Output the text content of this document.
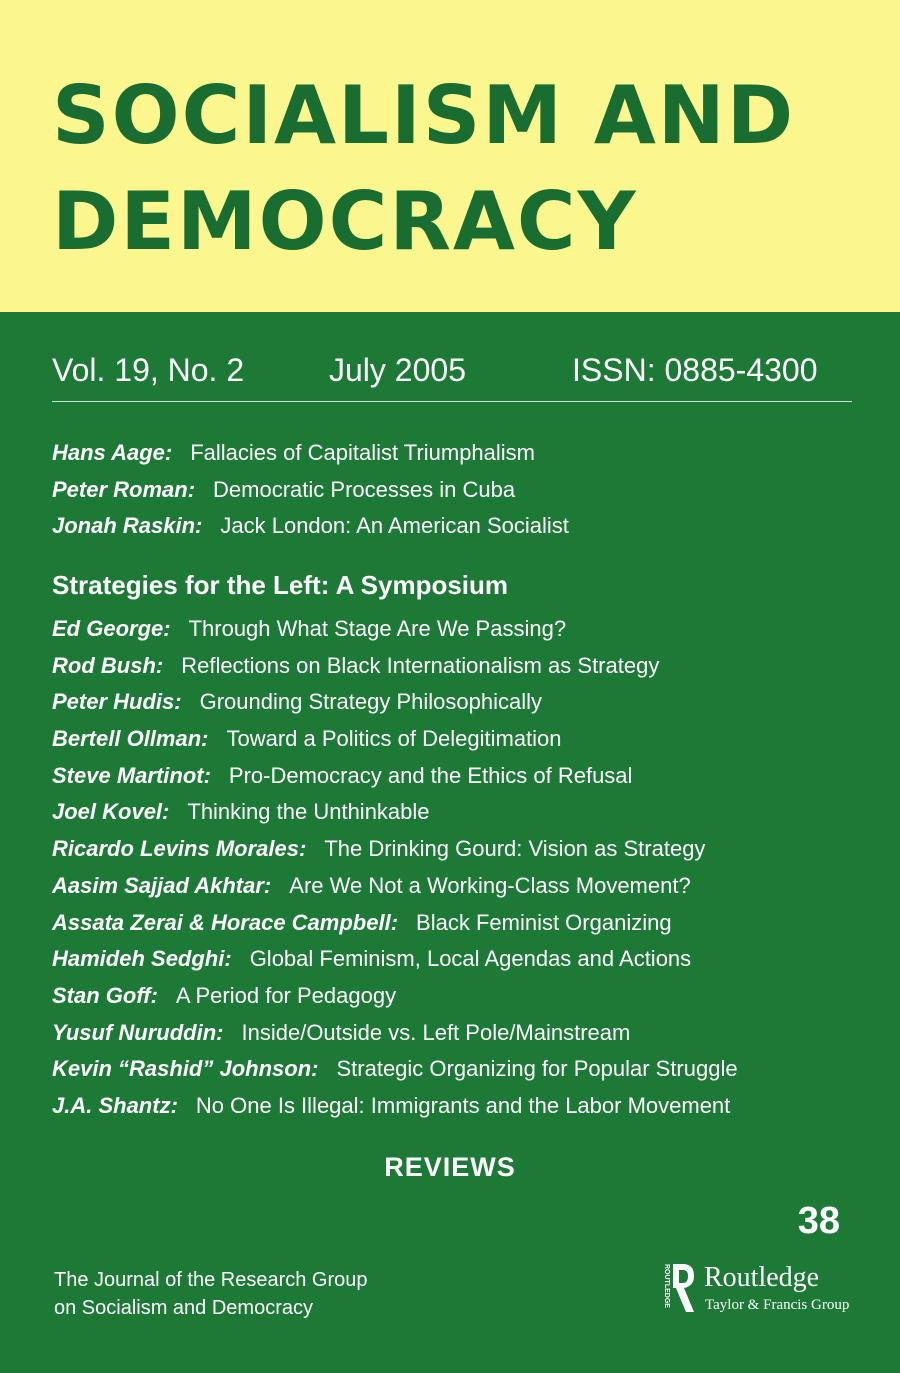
SOCIALISM AND
DEMOCRACY
Vol. 19, No. 2	July 2005	ISSN: 0885-4300
Hans Aage: Fallacies of Capitalist Triumphalism
Peter Roman: Democratic Processes in Cuba
Jonah Raskin: Jack London: An American Socialist
Strategies for the Left: A Symposium
Ed George: Through What Stage Are We Passing?
Rod Bush: Reflections on Black Internationalism as Strategy
Peter Hudis: Grounding Strategy Philosophically
Bertell Ollman: Toward a Politics of Delegitimation
Steve Martinot: Pro-Democracy and the Ethics of Refusal
Joel Kovel: Thinking the Unthinkable
Ricardo Levins Morales: The Drinking Gourd: Vision as Strategy
Aasim Sajjad Akhtar: Are We Not a Working-Class Movement?
Assata Zerai & Horace Campbell: Black Feminist Organizing
Hamideh Sedghi: Global Feminism, Local Agendas and Actions
Stan Goff: A Period for Pedagogy
Yusuf Nuruddin: Inside/Outside vs. Left Pole/Mainstream
Kevin “Rashid” Johnson: Strategic Organizing for Popular Struggle
J.A. Shantz: No One Is Illegal: Immigrants and the Labor Movement
REVIEWS
38
The Journal of the Research Group
on Socialism and Democracy
ROUTLEDGE Routledge
Taylor & Francis Group
